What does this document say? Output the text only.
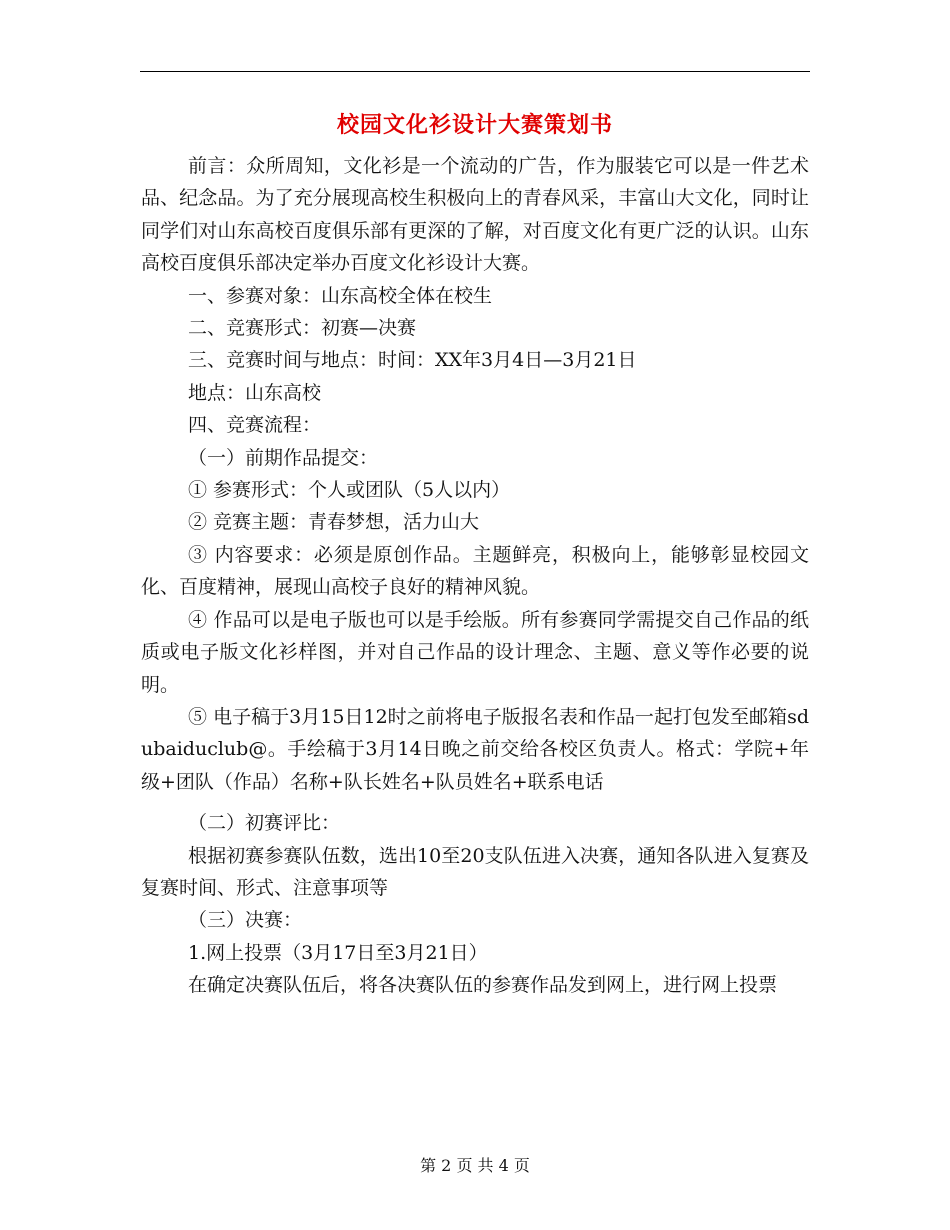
校园文化衫设计大赛策划书

前言：众所周知，文化衫是一个流动的广告，作为服装它可以是一件艺术品、纪念品。为了充分展现高校生积极向上的青春风采，丰富山大文化，同时让同学们对山东高校百度俱乐部有更深的了解，对百度文化有更广泛的认识。山东高校百度俱乐部决定举办百度文化衫设计大赛。

一、参赛对象：山东高校全体在校生

二、竞赛形式：初赛—决赛

三、竞赛时间与地点：时间：XX年3月4日—3月21日

地点：山东高校

四、竞赛流程：

（一）前期作品提交：

① 参赛形式：个人或团队（5人以内）

② 竞赛主题：青春梦想，活力山大

③ 内容要求：必须是原创作品。主题鲜亮，积极向上，能够彰显校园文化、百度精神，展现山高校子良好的精神风貌。

④ 作品可以是电子版也可以是手绘版。所有参赛同学需提交自己作品的纸质或电子版文化衫样图，并对自己作品的设计理念、主题、意义等作必要的说明。

⑤ 电子稿于3月15日12时之前将电子版报名表和作品一起打包发至邮箱sdubaiduclub@。手绘稿于3月14日晚之前交给各校区负责人。格式：学院+年级+团队（作品）名称+队长姓名+队员姓名+联系电话

（二）初赛评比：

根据初赛参赛队伍数，选出10至20支队伍进入决赛，通知各队进入复赛及复赛时间、形式、注意事项等

（三）决赛：

1.网上投票（3月17日至3月21日）

在确定决赛队伍后，将各决赛队伍的参赛作品发到网上，进行网上投票

第 2 页 共 4 页
